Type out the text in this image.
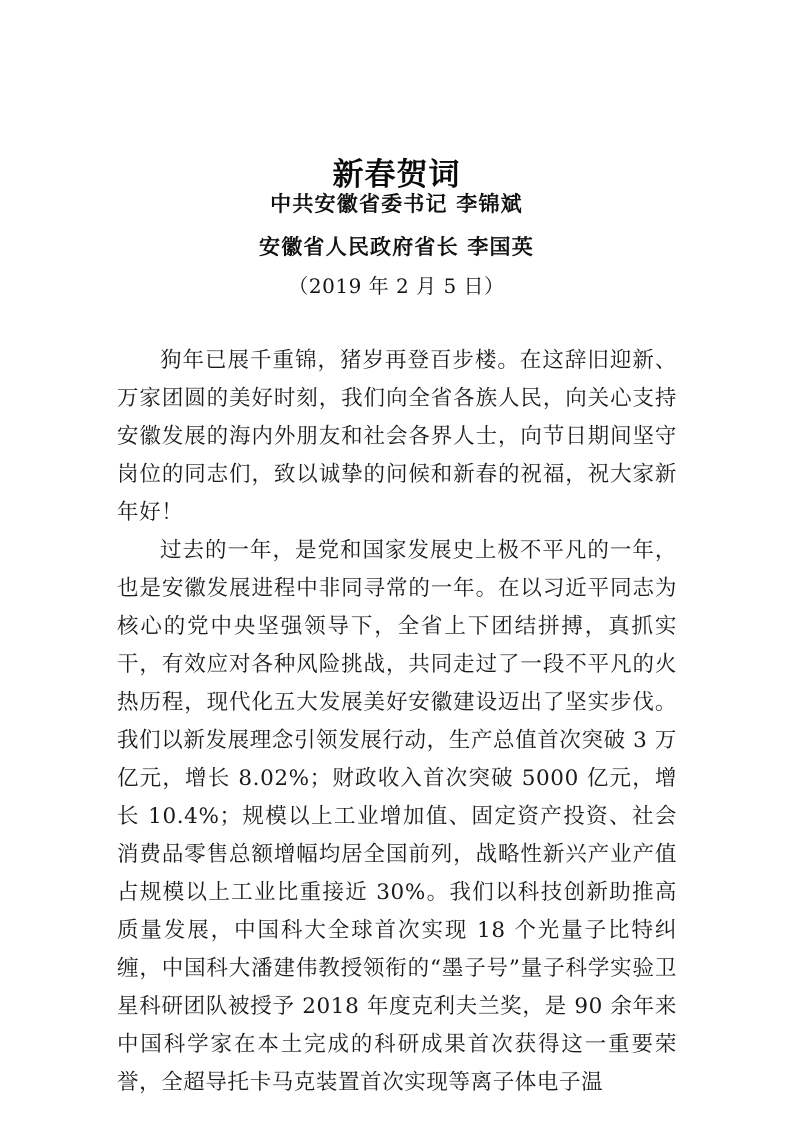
新春贺词
中共安徽省委书记 李锦斌
安徽省人民政府省长 李国英
（2019 年 2 月 5 日）

狗年已展千重锦，猪岁再登百步楼。在这辞旧迎新、万家团圆的美好时刻，我们向全省各族人民，向关心支持安徽发展的海内外朋友和社会各界人士，向节日期间坚守岗位的同志们，致以诚挚的问候和新春的祝福，祝大家新年好！

过去的一年，是党和国家发展史上极不平凡的一年，也是安徽发展进程中非同寻常的一年。在以习近平同志为核心的党中央坚强领导下，全省上下团结拼搏，真抓实干，有效应对各种风险挑战，共同走过了一段不平凡的火热历程，现代化五大发展美好安徽建设迈出了坚实步伐。我们以新发展理念引领发展行动，生产总值首次突破 3 万亿元，增长 8.02%；财政收入首次突破 5000 亿元，增长 10.4%；规模以上工业增加值、固定资产投资、社会消费品零售总额增幅均居全国前列，战略性新兴产业产值占规模以上工业比重接近 30%。我们以科技创新助推高质量发展，中国科大全球首次实现 18 个光量子比特纠缠，中国科大潘建伟教授领衔的“墨子号”量子科学实验卫星科研团队被授予 2018 年度克利夫兰奖，是 90 余年来中国科学家在本土完成的科研成果首次获得这一重要荣誉，全超导托卡马克装置首次实现等离子体电子温
